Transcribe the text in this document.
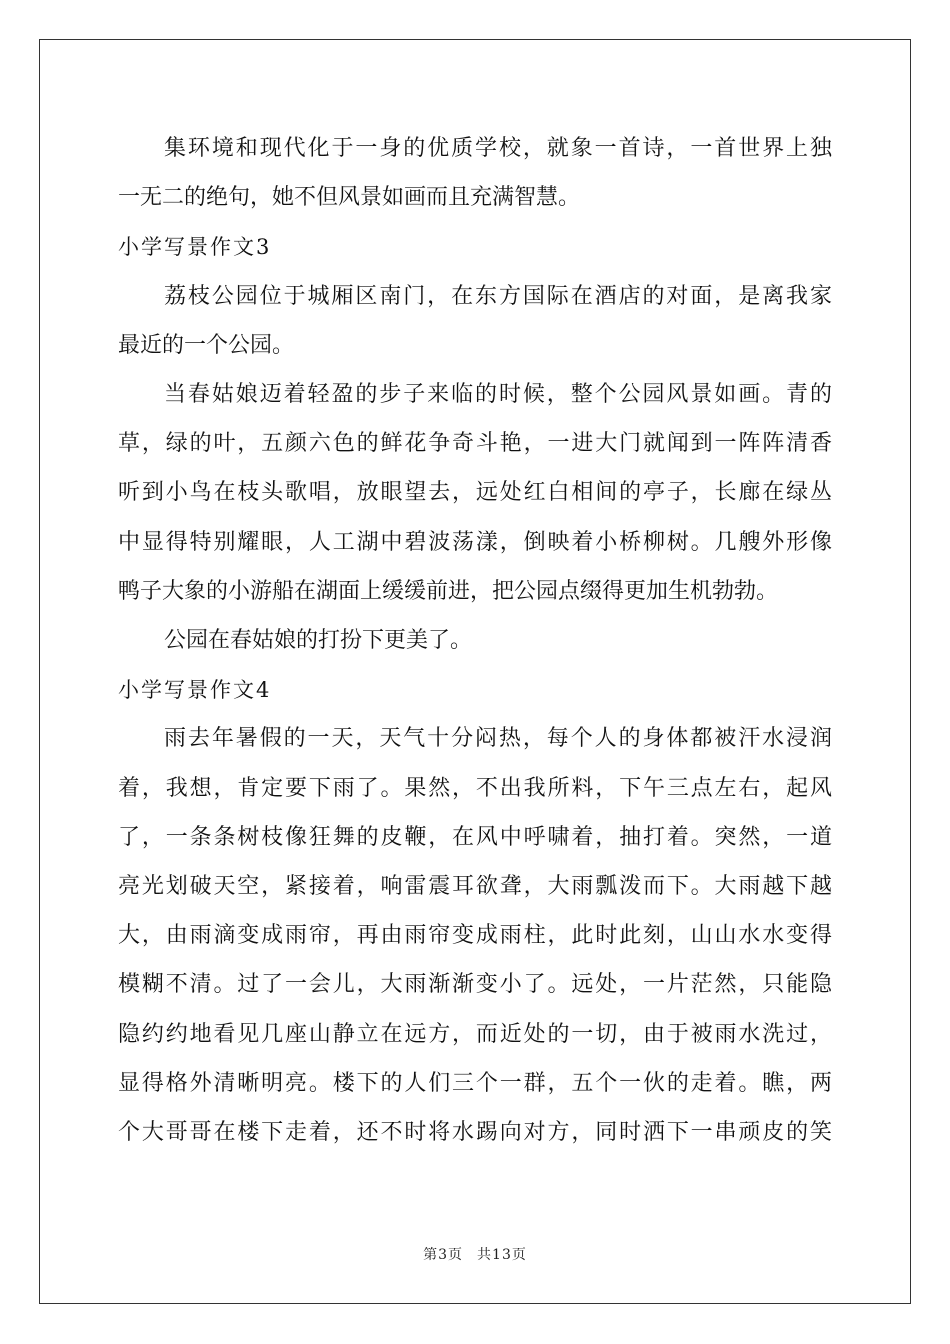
集环境和现代化于一身的优质学校，就象一首诗，一首世界上独
一无二的绝句，她不但风景如画而且充满智慧。
小学写景作文3
荔枝公园位于城厢区南门，在东方国际在酒店的对面，是离我家
最近的一个公园。
当春姑娘迈着轻盈的步子来临的时候，整个公园风景如画。青的
草，绿的叶，五颜六色的鲜花争奇斗艳，一进大门就闻到一阵阵清香
听到小鸟在枝头歌唱，放眼望去，远处红白相间的亭子，长廊在绿丛
中显得特别耀眼，人工湖中碧波荡漾，倒映着小桥柳树。几艘外形像
鸭子大象的小游船在湖面上缓缓前进，把公园点缀得更加生机勃勃。
公园在春姑娘的打扮下更美了。
小学写景作文4
雨去年暑假的一天，天气十分闷热，每个人的身体都被汗水浸润
着，我想，肯定要下雨了。果然，不出我所料，下午三点左右，起风
了，一条条树枝像狂舞的皮鞭，在风中呼啸着，抽打着。突然，一道
亮光划破天空，紧接着，响雷震耳欲聋，大雨瓢泼而下。大雨越下越
大，由雨滴变成雨帘，再由雨帘变成雨柱，此时此刻，山山水水变得
模糊不清。过了一会儿，大雨渐渐变小了。远处，一片茫然，只能隐
隐约约地看见几座山静立在远方，而近处的一切，由于被雨水洗过，
显得格外清晰明亮。楼下的人们三个一群，五个一伙的走着。瞧，两
个大哥哥在楼下走着，还不时将水踢向对方，同时洒下一串顽皮的笑
第3页 共13页
